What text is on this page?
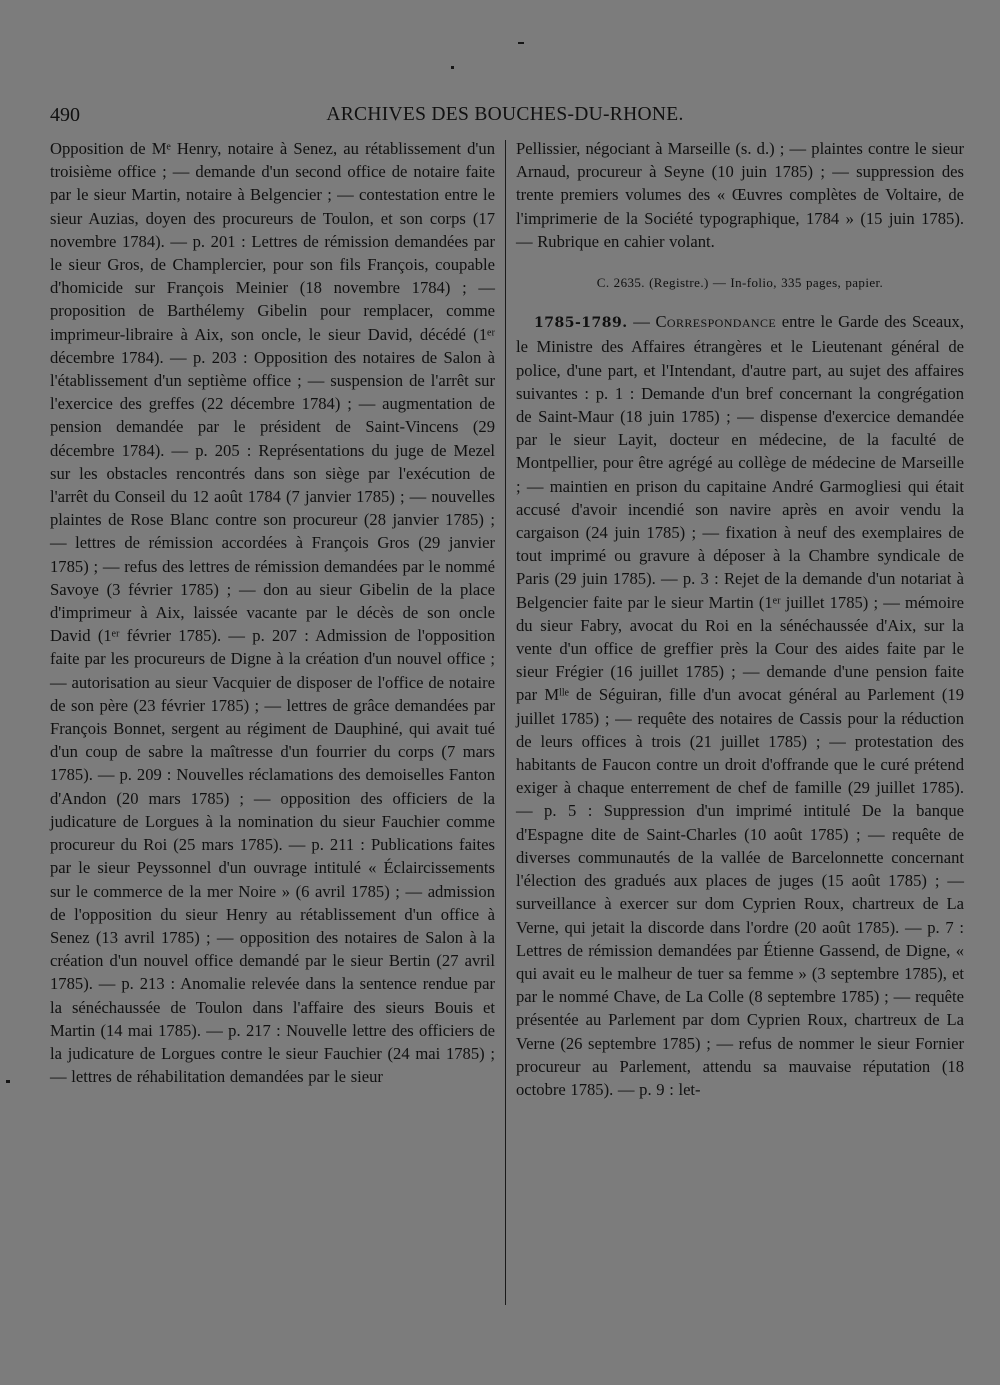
490	ARCHIVES DES BOUCHES-DU-RHONE.

Opposition de Mᵉ Henry, notaire à Senez, au rétablissement d'un troisième office ; — demande d'un second office de notaire faite par le sieur Martin, notaire à Belgencier ; — contestation entre le sieur Auzias, doyen des procureurs de Toulon, et son corps (17 novembre 1784). — p. 201 : Lettres de rémission demandées par le sieur Gros, de Champlercier, pour son fils François, coupable d'homicide sur François Meinier (18 novembre 1784) ; — proposition de Barthélemy Gibelin pour remplacer, comme imprimeur-libraire à Aix, son oncle, le sieur David, décédé (1ᵉʳ décembre 1784). — p. 203 : Opposition des notaires de Salon à l'établissement d'un septième office ; — suspension de l'arrêt sur l'exercice des greffes (22 décembre 1784) ; — augmentation de pension demandée par le président de Saint-Vincens (29 décembre 1784). — p. 205 : Représentations du juge de Mezel sur les obstacles rencontrés dans son siège par l'exécution de l'arrêt du Conseil du 12 août 1784 (7 janvier 1785) ; — nouvelles plaintes de Rose Blanc contre son procureur (28 janvier 1785) ; — lettres de rémission accordées à François Gros (29 janvier 1785) ; — refus des lettres de rémission demandées par le nommé Savoye (3 février 1785) ; — don au sieur Gibelin de la place d'imprimeur à Aix, laissée vacante par le décès de son oncle David (1ᵉʳ février 1785). — p. 207 : Admission de l'opposition faite par les procureurs de Digne à la création d'un nouvel office ; — autorisation au sieur Vacquier de disposer de l'office de notaire de son père (23 février 1785) ; — lettres de grâce demandées par François Bonnet, sergent au régiment de Dauphiné, qui avait tué d'un coup de sabre la maîtresse d'un fourrier du corps (7 mars 1785). — p. 209 : Nouvelles réclamations des demoiselles Fanton d'Andon (20 mars 1785) ; — opposition des officiers de la judicature de Lorgues à la nomination du sieur Fauchier comme procureur du Roi (25 mars 1785). — p. 211 : Publications faites par le sieur Peyssonnel d'un ouvrage intitulé « Éclaircissements sur le commerce de la mer Noire » (6 avril 1785) ; — admission de l'opposition du sieur Henry au rétablissement d'un office à Senez (13 avril 1785) ; — opposition des notaires de Salon à la création d'un nouvel office demandé par le sieur Bertin (27 avril 1785). — p. 213 : Anomalie relevée dans la sentence rendue par la sénéchaussée de Toulon dans l'affaire des sieurs Bouis et Martin (14 mai 1785). — p. 217 : Nouvelle lettre des officiers de la judicature de Lorgues contre le sieur Fauchier (24 mai 1785) ; — lettres de réhabilitation demandées par le sieur

Pellissier, négociant à Marseille (s. d.) ; — plaintes contre le sieur Arnaud, procureur à Seyne (10 juin 1785) ; — suppression des trente premiers volumes des « Œuvres complètes de Voltaire, de l'imprimerie de la Société typographique, 1784 » (15 juin 1785). — Rubrique en cahier volant.

C. 2635. (Registre.) — In-folio, 335 pages, papier.

1785-1789. — Correspondance entre le Garde des Sceaux, le Ministre des Affaires étrangères et le Lieutenant général de police, d'une part, et l'Intendant, d'autre part, au sujet des affaires suivantes : p. 1 : Demande d'un bref concernant la congrégation de Saint-Maur (18 juin 1785) ; — dispense d'exercice demandée par le sieur Layit, docteur en médecine, de la faculté de Montpellier, pour être agrégé au collège de médecine de Marseille ; — maintien en prison du capitaine André Garmogliesi qui était accusé d'avoir incendié son navire après en avoir vendu la cargaison (24 juin 1785) ; — fixation à neuf des exemplaires de tout imprimé ou gravure à déposer à la Chambre syndicale de Paris (29 juin 1785). — p. 3 : Rejet de la demande d'un notariat à Belgencier faite par le sieur Martin (1ᵉʳ juillet 1785) ; — mémoire du sieur Fabry, avocat du Roi en la sénéchaussée d'Aix, sur la vente d'un office de greffier près la Cour des aides faite par le sieur Frégier (16 juillet 1785) ; — demande d'une pension faite par Mˡˡᵉ de Séguiran, fille d'un avocat général au Parlement (19 juillet 1785) ; — requête des notaires de Cassis pour la réduction de leurs offices à trois (21 juillet 1785) ; — protestation des habitants de Faucon contre un droit d'offrande que le curé prétend exiger à chaque enterrement de chef de famille (29 juillet 1785). — p. 5 : Suppression d'un imprimé intitulé De la banque d'Espagne dite de Saint-Charles (10 août 1785) ; — requête de diverses communautés de la vallée de Barcelonnette concernant l'élection des gradués aux places de juges (15 août 1785) ; — surveillance à exercer sur dom Cyprien Roux, chartreux de La Verne, qui jetait la discorde dans l'ordre (20 août 1785). — p. 7 : Lettres de rémission demandées par Étienne Gassend, de Digne, « qui avait eu le malheur de tuer sa femme » (3 septembre 1785), et par le nommé Chave, de La Colle (8 septembre 1785) ; — requête présentée au Parlement par dom Cyprien Roux, chartreux de La Verne (26 septembre 1785) ; — refus de nommer le sieur Fornier procureur au Parlement, attendu sa mauvaise réputation (18 octobre 1785). — p. 9 : let-
